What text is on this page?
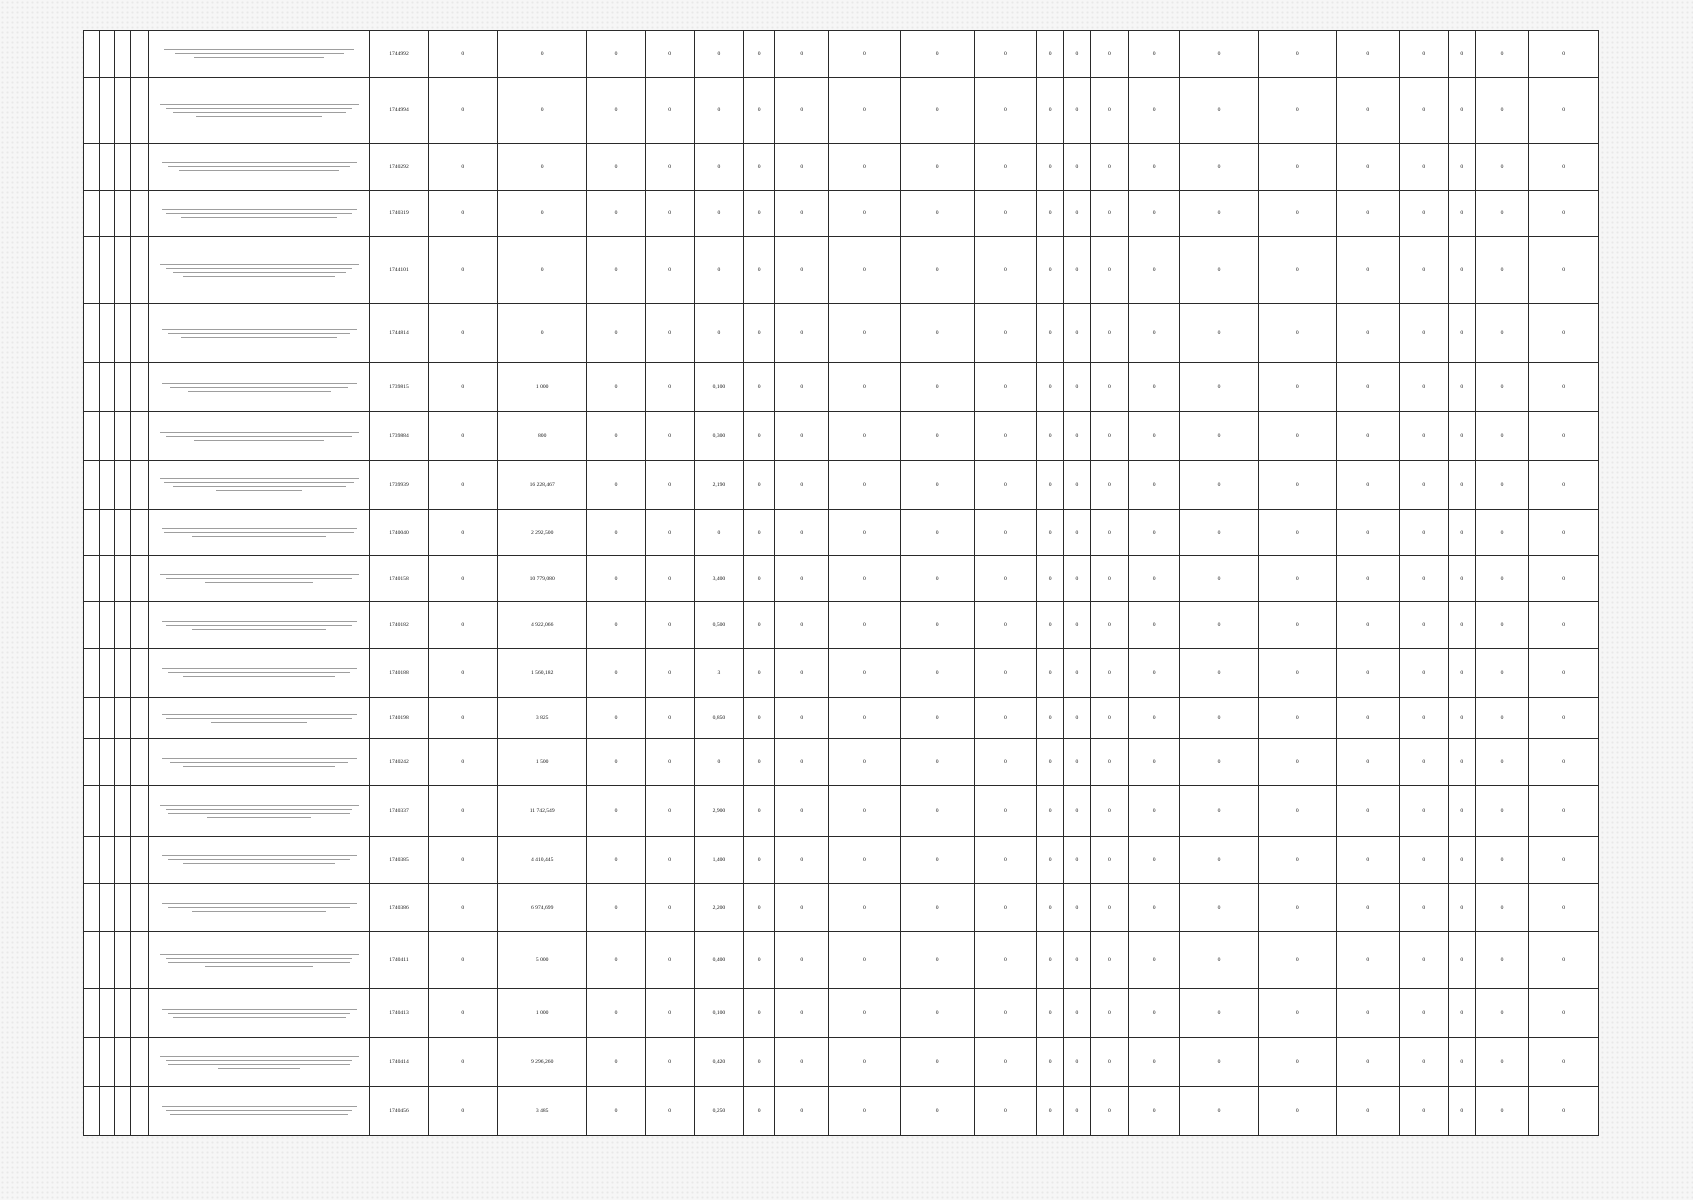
	1744992	0	0	0	0	0	0	0	0	0	0	0	0	0	0	0	0	0	0	0	0	0

	1744994	0	0	0	0	0	0	0	0	0	0	0	0	0	0	0	0	0	0	0	0	0

	1740292	0	0	0	0	0	0	0	0	0	0	0	0	0	0	0	0	0	0	0	0	0

	1740319	0	0	0	0	0	0	0	0	0	0	0	0	0	0	0	0	0	0	0	0	0

	1744101	0	0	0	0	0	0	0	0	0	0	0	0	0	0	0	0	0	0	0	0	0

	1744814	0	0	0	0	0	0	0	0	0	0	0	0	0	0	0	0	0	0	0	0	0

	1739815	0	1 000	0	0	0,100	0	0	0	0	0	0	0	0	0	0	0	0	0	0	0	0

	1739884	0	800	0	0	0,300	0	0	0	0	0	0	0	0	0	0	0	0	0	0	0	0

	1739939	0	16 228,467	0	0	2,190	0	0	0	0	0	0	0	0	0	0	0	0	0	0	0	0

	1740040	0	2 292,500	0	0	0	0	0	0	0	0	0	0	0	0	0	0	0	0	0	0	0

	1740158	0	10 779,080	0	0	3,400	0	0	0	0	0	0	0	0	0	0	0	0	0	0	0	0

	1740182	0	4 922,066	0	0	0,500	0	0	0	0	0	0	0	0	0	0	0	0	0	0	0	0

	1740188	0	1 560,182	0	0	3	0	0	0	0	0	0	0	0	0	0	0	0	0	0	0	0

	1740198	0	3 825	0	0	0,850	0	0	0	0	0	0	0	0	0	0	0	0	0	0	0	0

	1740242	0	1 500	0	0	0	0	0	0	0	0	0	0	0	0	0	0	0	0	0	0	0

	1740337	0	11 742,549	0	0	2,900	0	0	0	0	0	0	0	0	0	0	0	0	0	0	0	0

	1740385	0	4 410,445	0	0	1,400	0	0	0	0	0	0	0	0	0	0	0	0	0	0	0	0

	1740386	0	6 974,699	0	0	2,200	0	0	0	0	0	0	0	0	0	0	0	0	0	0	0	0

	1740411	0	5 000	0	0	0,400	0	0	0	0	0	0	0	0	0	0	0	0	0	0	0	0

	1740413	0	1 000	0	0	0,100	0	0	0	0	0	0	0	0	0	0	0	0	0	0	0	0

	1740414	0	9 296,260	0	0	0,420	0	0	0	0	0	0	0	0	0	0	0	0	0	0	0	0

	1740456	0	3 485	0	0	0,250	0	0	0	0	0	0	0	0	0	0	0	0	0	0	0	0
